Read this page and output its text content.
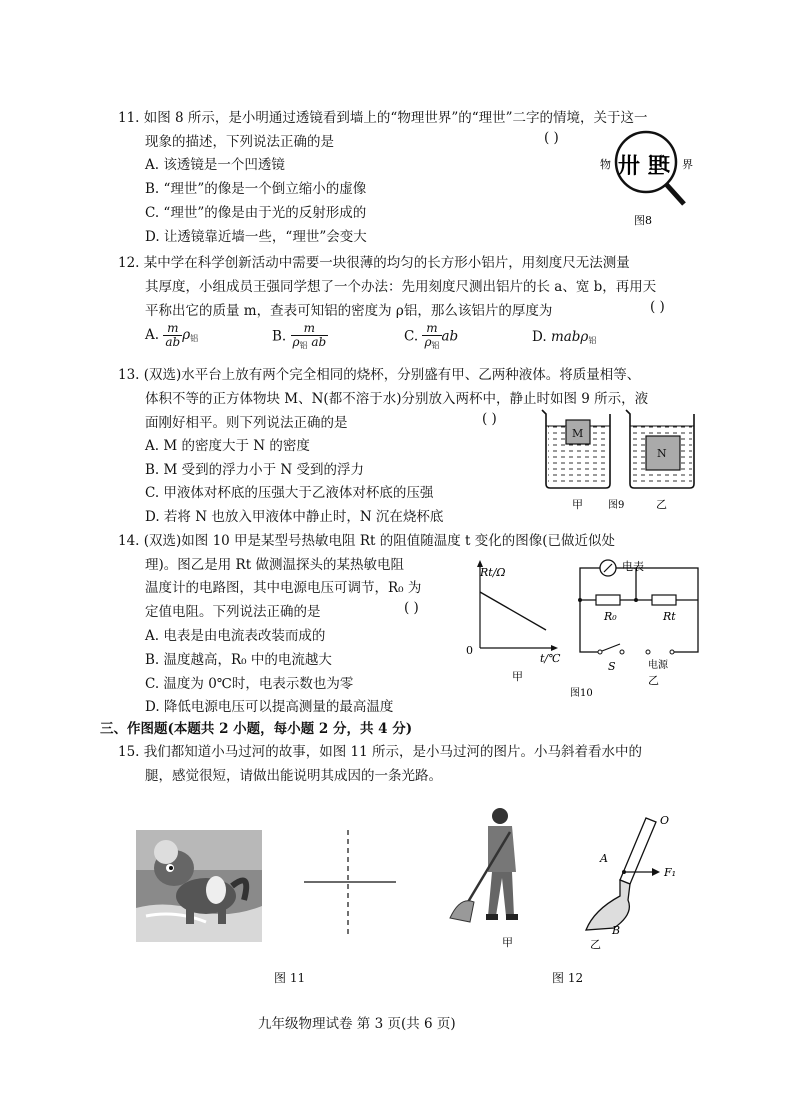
11. 如图 8 所示，是小明通过透镜看到墙上的“物理世界”的“理世”二字的情境，关于这一
现象的描述，下列说法正确的是	( )
A. 该透镜是一个凹透镜
B. “理世”的像是一个倒立缩小的虚像
C. “理世”的像是由于光的反射形成的
D. 让透镜靠近墙一些，“理世”会变大
物	界
卅 理
图8
12. 某中学在科学创新活动中需要一块很薄的均匀的长方形小铝片，用刻度尺无法测量
其厚度，小组成员王强同学想了一个办法：先用刻度尺测出铝片的长 a、宽 b，再用天
平称出它的质量 m，查表可知铝的密度为 ρ铝，那么该铝片的厚度为	( )
A. $\frac{m}{ab} \rho_铝$	B. $\frac{m}{\rho_铝 ab}$	C. $\frac{m}{\rho_铝}$ ab	D. mabρ$_铝$
13. (双选)水平台上放有两个完全相同的烧杯，分别盛有甲、乙两种液体。将质量相等、
体积不等的正方体物块 M、N(都不溶于水)分别放入两杯中，静止时如图 9 所示，液
面刚好相平。则下列说法正确的是	( )
A. M 的密度大于 N 的密度
B. M 受到的浮力小于 N 受到的浮力
C. 甲液体对杯底的压强大于乙液体对杯底的压强
D. 若将 N 也放入甲液体中静止时，N 沉在烧杯底
M
N
甲	图9	乙
14. (双选)如图 10 甲是某型号热敏电阻 Rt 的阻值随温度 t 变化的图像(已做近似处
理)。图乙是用 Rt 做测温探头的某热敏电阻
温度计的电路图，其中电源电压可调节，R₀ 为
定值电阻。下列说法正确的是	( )
A. 电表是由电流表改装而成的
B. 温度越高，R₀ 中的电流越大
C. 温度为 0℃时，电表示数也为零
D. 降低电源电压可以提高测量的最高温度
Rt/Ω
0
t/℃
甲
电表
R₀	Rt
S	电源
乙
图10
三、作图题(本题共 2 小题，每小题 2 分，共 4 分)
15. 我们都知道小马过河的故事，如图 11 所示，是小马过河的图片。小马斜着看水中的
腿，感觉很短，请做出能说明其成因的一条光路。
图 11
甲
O
A
F₁
B
乙
图 12
九年级物理试卷 第 3 页(共 6 页)
